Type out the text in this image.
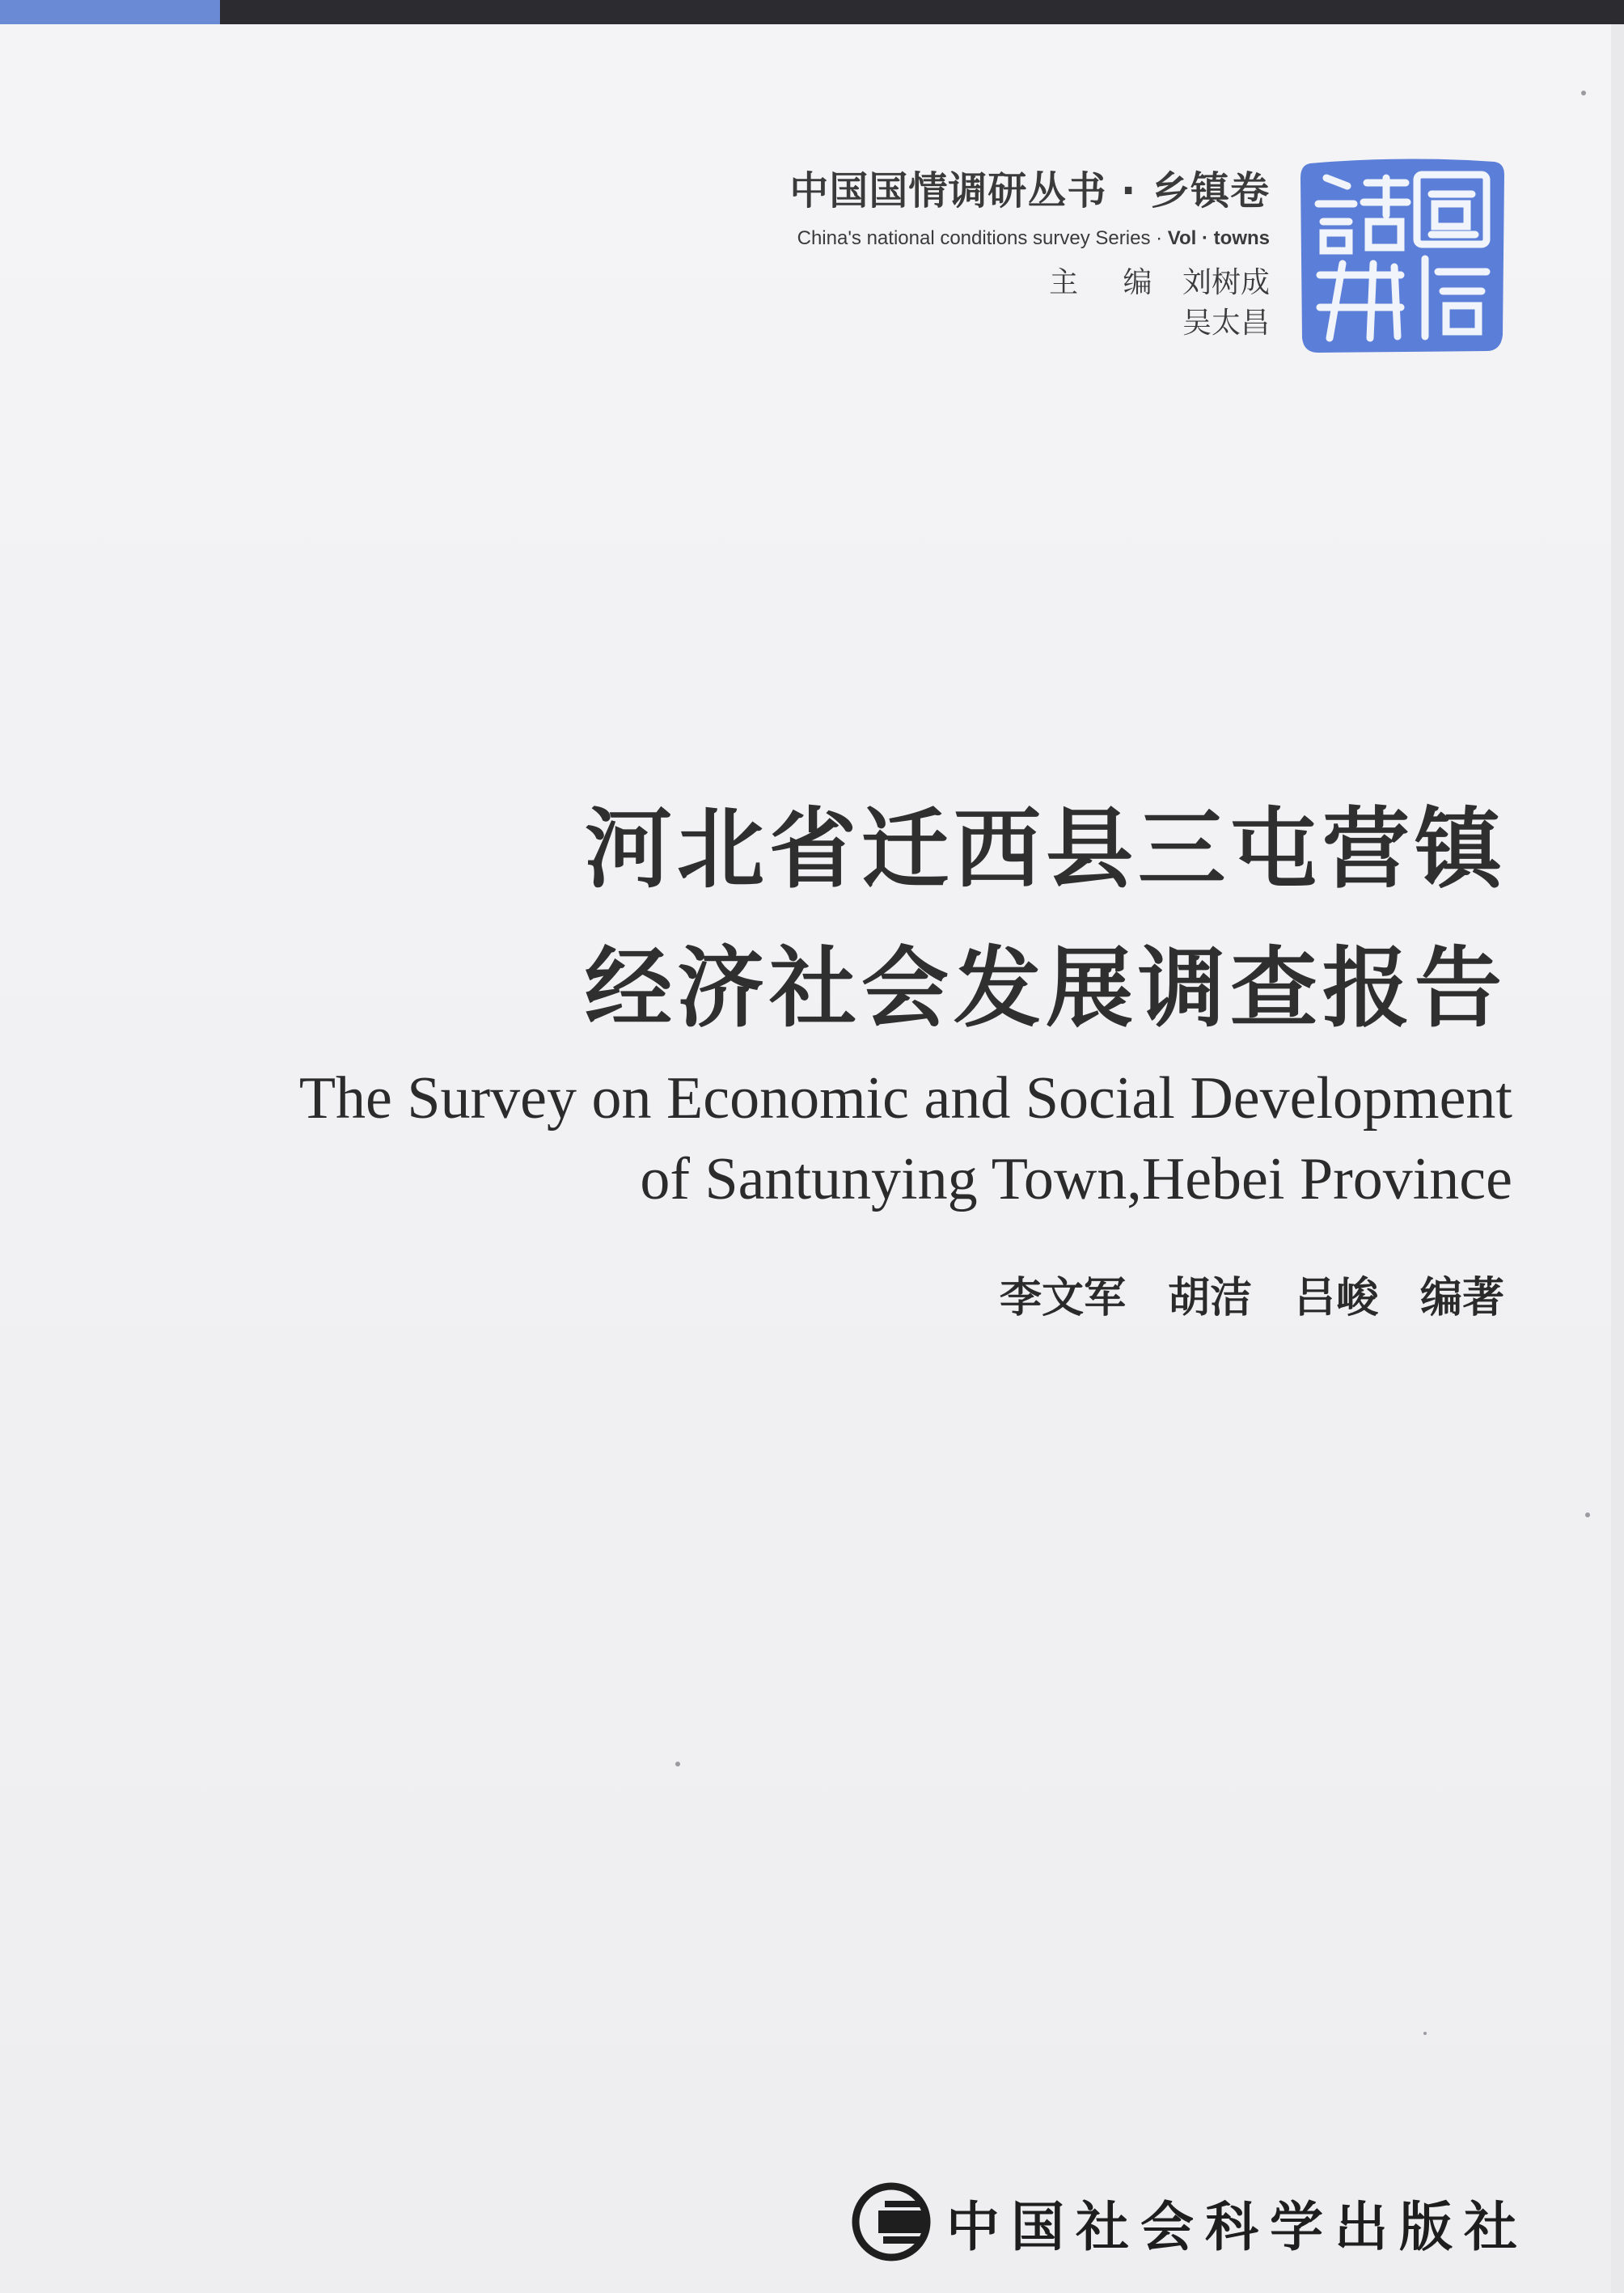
中国国情调研丛书 · 乡镇卷
China's national conditions survey Series · Vol · towns
主 编 刘树成
吴太昌
河北省迁西县三屯营镇
经济社会发展调查报告
The Survey on Economic and Social Development
of Santunying Town,Hebei Province
李文军 胡洁 吕峻 编著
中国社会科学出版社
